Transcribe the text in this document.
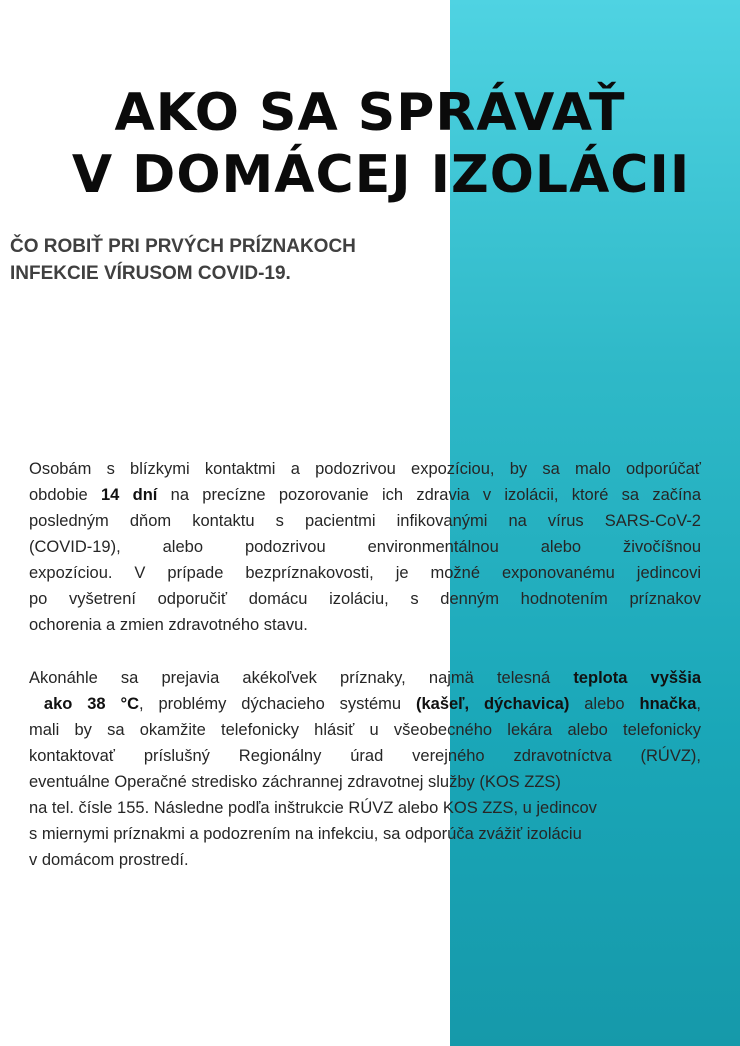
AKO SA SPRÁVAŤ
V DOMÁCEJ IZOLÁCII
ČO ROBIŤ PRI PRVÝCH PRÍZNAKOCH
INFEKCIE VÍRUSOM COVID-19.

Osobám s blízkymi kontaktmi a podozrivou expozíciou, by sa malo odporúčať
obdobie 14 dní na precízne pozorovanie ich zdravia v izolácii, ktoré sa začína
posledným dňom kontaktu s pacientmi infikovanými na vírus SARS-CoV-2
(COVID-19), alebo podozrivou environmentálnou alebo živočíšnou
expozíciou. V prípade bezpríznakovosti, je možné exponovanému jedincovi
po vyšetrení odporučiť domácu izoláciu, s denným hodnotením príznakov
ochorenia a zmien zdravotného stavu.

Akonáhle sa prejavia akékoľvek príznaky, najmä telesná teplota vyššia
ako 38 °C, problémy dýchacieho systému (kašeľ, dýchavica) alebo hnačka,
mali by sa okamžite telefonicky hlásiť u všeobecného lekára alebo telefonicky
kontaktovať príslušný Regionálny úrad verejného zdravotníctva (RÚVZ),
eventuálne Operačné stredisko záchrannej zdravotnej služby (KOS ZZS)
na tel. čísle 155. Následne podľa inštrukcie RÚVZ alebo KOS ZZS, u jedincov
s miernymi príznakmi a podozrením na infekciu, sa odporúča zvážiť izoláciu
v domácom prostredí.
